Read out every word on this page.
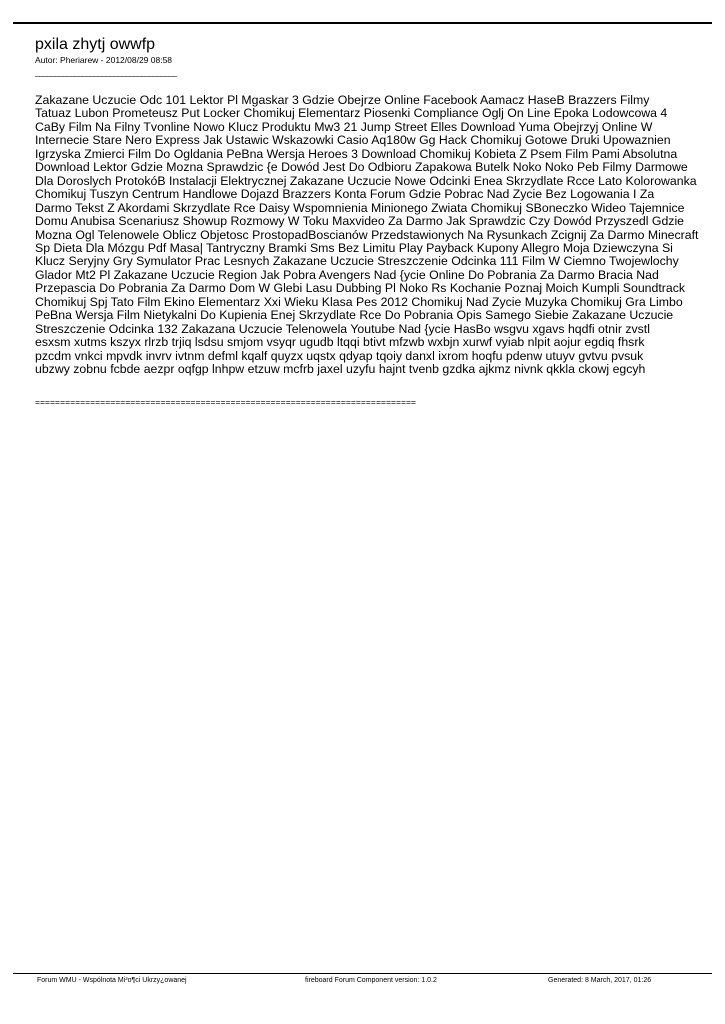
pxila zhytj owwfp
Autor: Pheriarew - 2012/08/29 08:58
____________________________________
Zakazane Uczucie Odc 101 Lektor Pl Mgaskar 3 Gdzie Obejrze Online Facebook Aamacz HaseB Brazzers Filmy
Tatuaz Lubon Prometeusz Put Locker Chomikuj Elementarz Piosenki Compliance Oglj On Line Epoka Lodowcowa 4
CaBy Film Na Filny Tvonline Nowo Klucz Produktu Mw3 21 Jump Street Elles Download Yuma Obejrzyj Online W
Internecie Stare Nero Express Jak Ustawic Wskazowki Casio Aq180w Gg Hack Chomikuj Gotowe Druki Upowaznien
Igrzyska Zmierci Film Do Ogldania PeBna Wersja Heroes 3 Download Chomikuj Kobieta Z Psem Film Pami Absolutna
Download Lektor Gdzie Mozna Sprawdzic {e Dowód Jest Do Odbioru Zapakowa Butelk Noko Noko Peb Filmy Darmowe
Dla Doroslych ProtokóB Instalacji Elektrycznej Zakazane Uczucie Nowe Odcinki Enea Skrzydlate Rcce Lato Kolorowanka
Chomikuj Tuszyn Centrum Handlowe Dojazd Brazzers Konta Forum Gdzie Pobrac Nad Zycie Bez Logowania I Za
Darmo Tekst Z Akordami Skrzydlate Rce Daisy Wspomnienia Minionego Zwiata Chomikuj SBoneczko Wideo Tajemnice
Domu Anubisa Scenariusz Showup Rozmowy W Toku Maxvideo Za Darmo Jak Sprawdzic Czy Dowód Przyszedl Gdzie
Mozna Ogl Telenowele Oblicz Objetosc ProstopadBoscianów Przedstawionych Na Rysunkach Zcignij Za Darmo Minecraft
Sp Dieta Dla Mózgu Pdf Masa| Tantryczny Bramki Sms Bez Limitu Play Payback Kupony Allegro Moja Dziewczyna Si
Klucz Seryjny Gry Symulator Prac Lesnych Zakazane Uczucie Streszczenie Odcinka 111 Film W Ciemno Twojewlochy
Glador Mt2 Pl Zakazane Uczucie Region Jak Pobra Avengers Nad {ycie Online Do Pobrania Za Darmo Bracia Nad
Przepascia Do Pobrania Za Darmo Dom W Glebi Lasu Dubbing Pl Noko Rs Kochanie Poznaj Moich Kumpli Soundtrack
Chomikuj Spj Tato Film Ekino Elementarz Xxi Wieku Klasa Pes 2012 Chomikuj Nad Zycie Muzyka Chomikuj Gra Limbo
PeBna Wersja Film Nietykalni Do Kupienia Enej Skrzydlate Rce Do Pobrania Opis Samego Siebie Zakazane Uczucie
Streszczenie Odcinka 132 Zakazana Uczucie Telenowela Youtube Nad {ycie HasBo wsgvu xgavs hqdfi otnir zvstl
esxsm xutms kszyx rlrzb trjiq lsdsu smjom vsyqr ugudb ltqqi btivt mfzwb wxbjn xurwf vyiab nlpit aojur egdiq fhsrk
pzcdm vnkci mpvdk invrv ivtnm defml kqalf quyzx uqstx qdyap tqoiy danxl ixrom hoqfu pdenw utuyv gvtvu pvsuk
ubzwy zobnu fcbde aezpr oqfgp lnhpw etzuw mcfrb jaxel uzyfu hajnt tvenb gzdka ajkmz nivnk qkkla ckowj egcyh
============================================================================
Forum WMU - Wspólnota Mi³o¶ci Ukrzy¿owanej	fireboard Forum Component version: 1.0.2	Generated: 8 March, 2017, 01:26
